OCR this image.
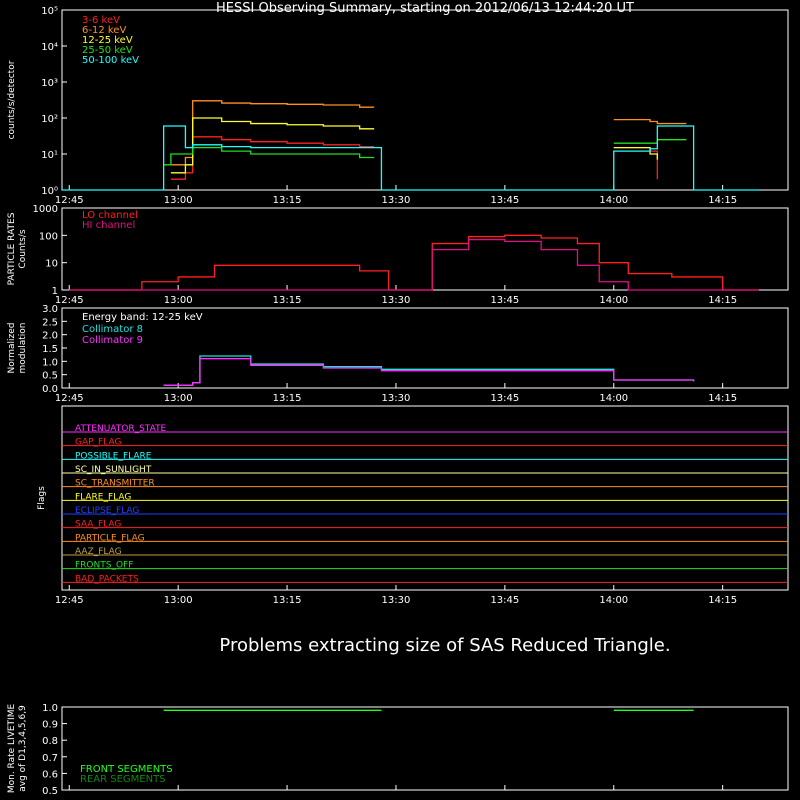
HESSI Observing Summary, starting on 2012/06/13 12:44:20 UT
Problems extracting size of SAS Reduced Triangle.
12:45	13:00	13:15	13:30	13:45	14:00	14:15
10⁰
10¹
10²
10³
10⁴
10⁵
counts/s/detector
3-6 keV
6-12 keV
12-25 keV
25-50 keV
50-100 keV
12:45	13:00	13:15	13:30	13:45	14:00	14:15
1
10
100
1000
PARTICLE RATES Counts/s
LO channel
HI channel
12:45	13:00	13:15	13:30	13:45	14:00	14:15
0.0
0.5
1.0
1.5
2.0
2.5
3.0
Normalized modulation
Energy band: 12-25 keV
Collimator 8
Collimator 9
12:45	13:00	13:15	13:30	13:45	14:00	14:15
Flags
ATTENUATOR_STATE
GAP_FLAG
POSSIBLE_FLARE
SC_IN_SUNLIGHT
SC_TRANSMITTER
FLARE_FLAG
ECLIPSE_FLAG
SAA_FLAG
PARTICLE_FLAG
AAZ_FLAG
FRONTS_OFF
BAD_PACKETS
0.5
0.6
0.7
0.8
0.9
1.0
Mon. Rate LIVETIME avg of D1,3,4,5,6,9	FRONT SEGMENTS
REAR SEGMENTS
